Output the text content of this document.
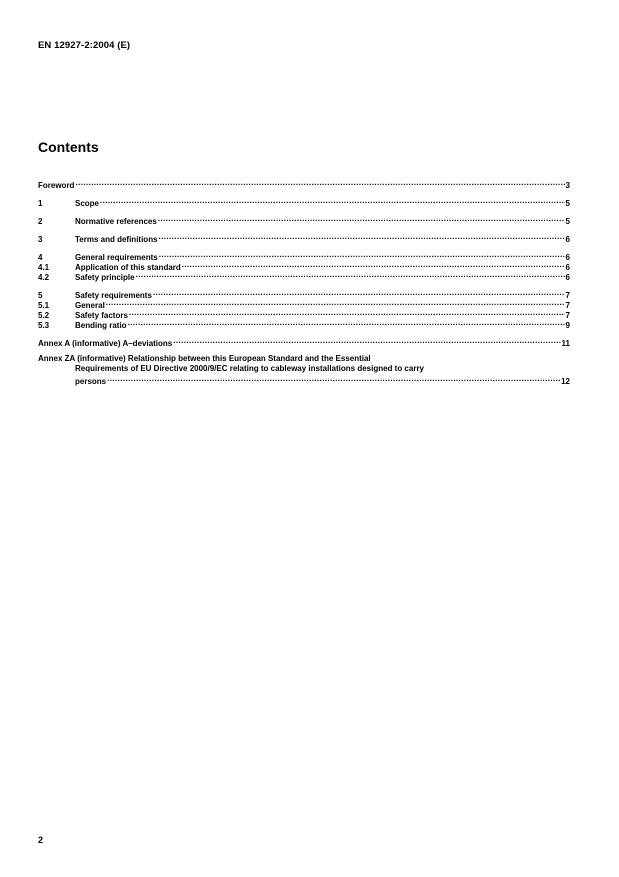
EN 12927-2:2004 (E)
Contents
Foreword .....	3
1	Scope .....	5
2	Normative references .....	5
3	Terms and definitions .....	6
4	General requirements .....	6
4.1	Application of this standard .....	6
4.2	Safety principle .....	6
5	Safety requirements .....	7
5.1	General .....	7
5.2	Safety factors .....	7
5.3	Bending ratio .....	9
Annex A (informative) A–deviations .....	11
Annex ZA (informative) Relationship between this European Standard and the Essential
Requirements of EU Directive 2000/9/EC relating to cableway installations designed to carry
persons .....	12
2
